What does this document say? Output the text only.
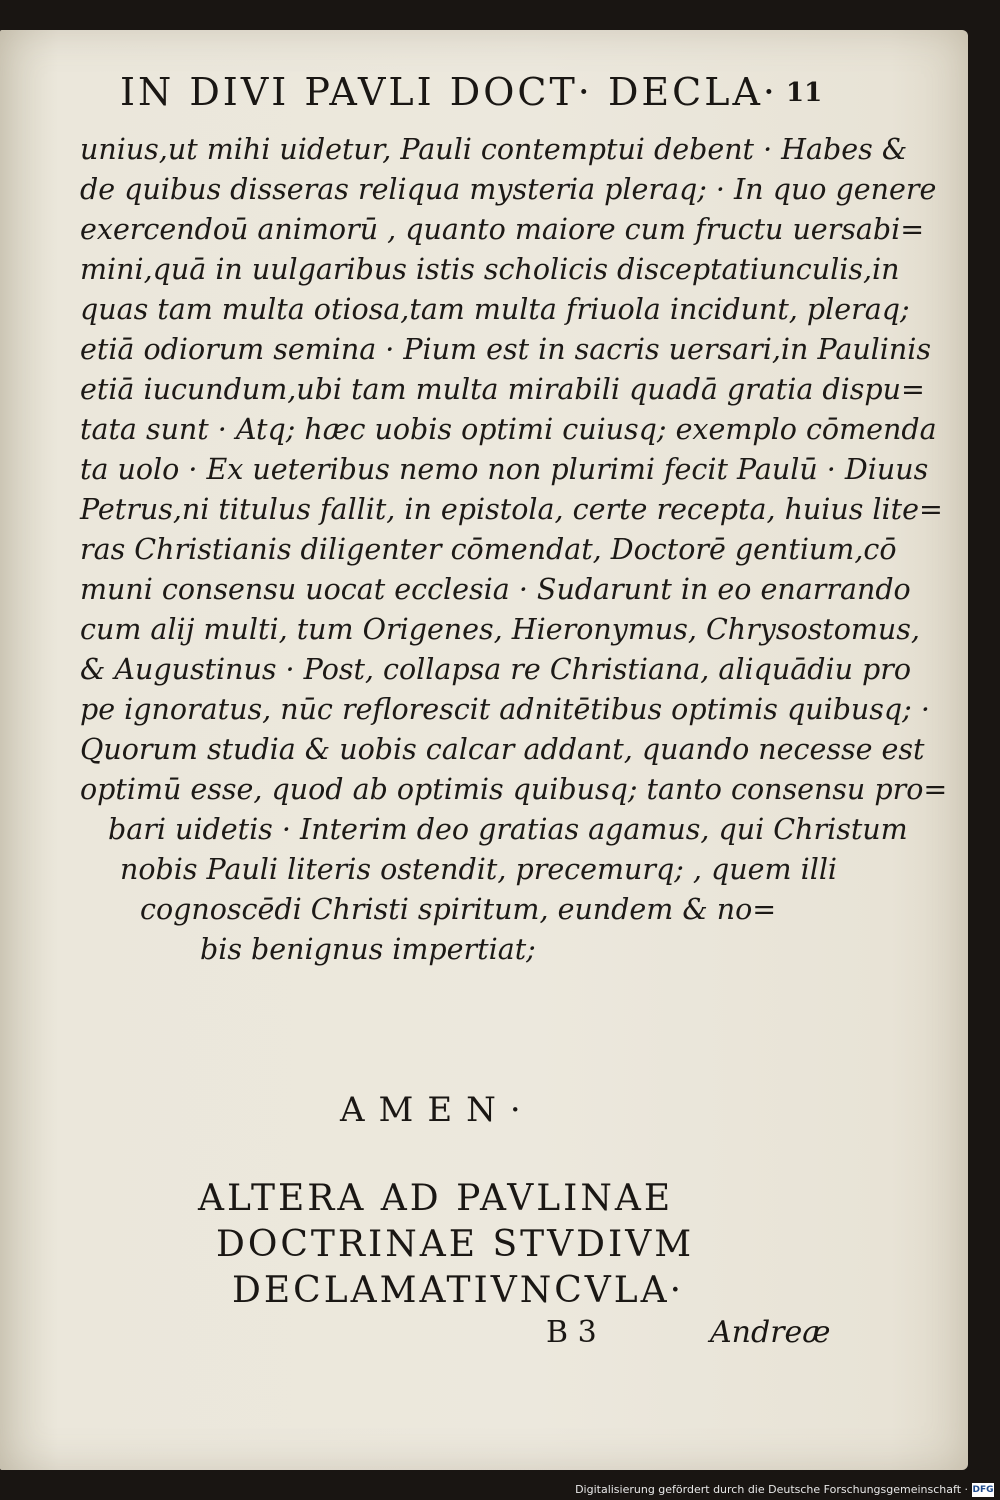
IN DIVI PAVLI DOCT· DECLA· 11
unius,ut mihi uidetur, Pauli contemptui debent · Habes &
de quibus disseras reliqua mysteria pleraq; · In quo genere
exercendoū animorū , quanto maiore cum fructu uersabi=
mini,quā in uulgaribus istis scholicis disceptatiunculis,in
quas tam multa otiosa,tam multa friuola incidunt, pleraq;
etiā odiorum semina · Pium est in sacris uersari,in Paulinis
etiā iucundum,ubi tam multa mirabili quadā gratia dispu=
tata sunt · Atq; hæc uobis optimi cuiusq; exemplo cōmenda
ta uolo · Ex ueteribus nemo non plurimi fecit Paulū · Diuus
Petrus,ni titulus fallit, in epistola, certe recepta, huius lite=
ras Christianis diligenter cōmendat, Doctorē gentium,cō
muni consensu uocat ecclesia · Sudarunt in eo enarrando
cum alij multi, tum Origenes, Hieronymus, Chrysostomus,
& Augustinus · Post, collapsa re Christiana, aliquādiu pro
pe ignoratus, nūc reflorescit adnitētibus optimis quibusq; ·
Quorum studia & uobis calcar addant, quando necesse est
optimū esse, quod ab optimis quibusq; tanto consensu pro=
bari uidetis · Interim deo gratias agamus, qui Christum
nobis Pauli literis ostendit, precemurq; , quem illi
cognoscēdi Christi spiritum, eundem & no=
bis benignus impertiat;
AMEN·
ALTERA AD PAVLINAE
DOCTRINAE STVDIVM
DECLAMATIVNCVLA·
B 3	Andreæ
Digitalisierung gefördert durch die Deutsche Forschungsgemeinschaft · DFG
